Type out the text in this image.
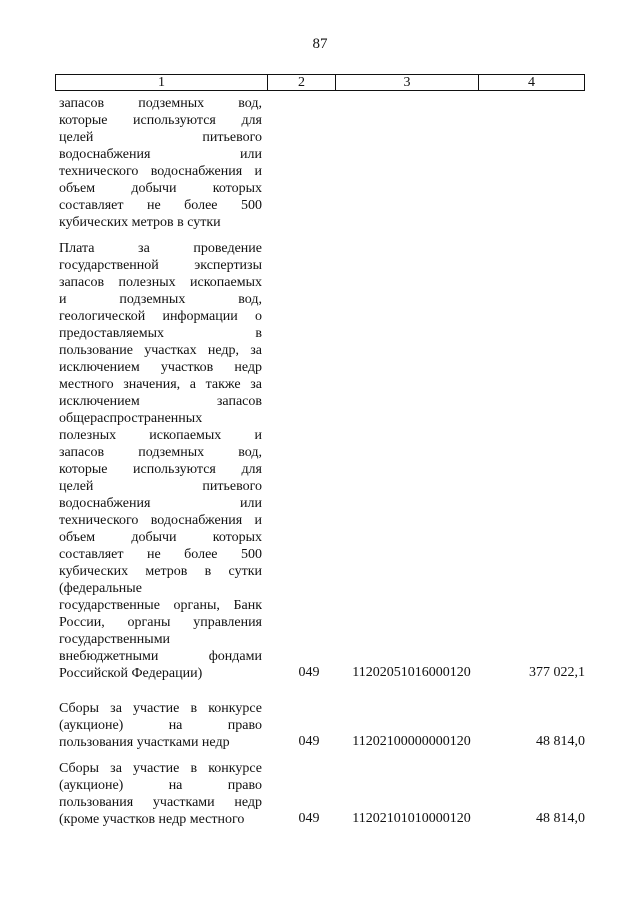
87
1	2	3	4
запасов подземных вод,
которые используются для
целей питьевого
водоснабжения или
технического водоснабжения и
объем добычи которых
составляет не более 500
кубических метров в сутки
Плата за проведение
государственной экспертизы
запасов полезных ископаемых
и подземных вод,
геологической информации о
предоставляемых в
пользование участках недр, за
исключением участков недр
местного значения, а также за
исключением запасов
общераспространенных
полезных ископаемых и
запасов подземных вод,
которые используются для
целей питьевого
водоснабжения или
технического водоснабжения и
объем добычи которых
составляет не более 500
кубических метров в сутки
(федеральные
государственные органы, Банк
России, органы управления
государственными
внебюджетными фондами
Российской Федерации)	049	11202051016000120	377 022,1
Сборы за участие в конкурсе
(аукционе) на право
пользования участками недр	049	11202100000000120	48 814,0
Сборы за участие в конкурсе
(аукционе) на право
пользования участками недр
(кроме участков недр местного	049	11202101010000120	48 814,0
